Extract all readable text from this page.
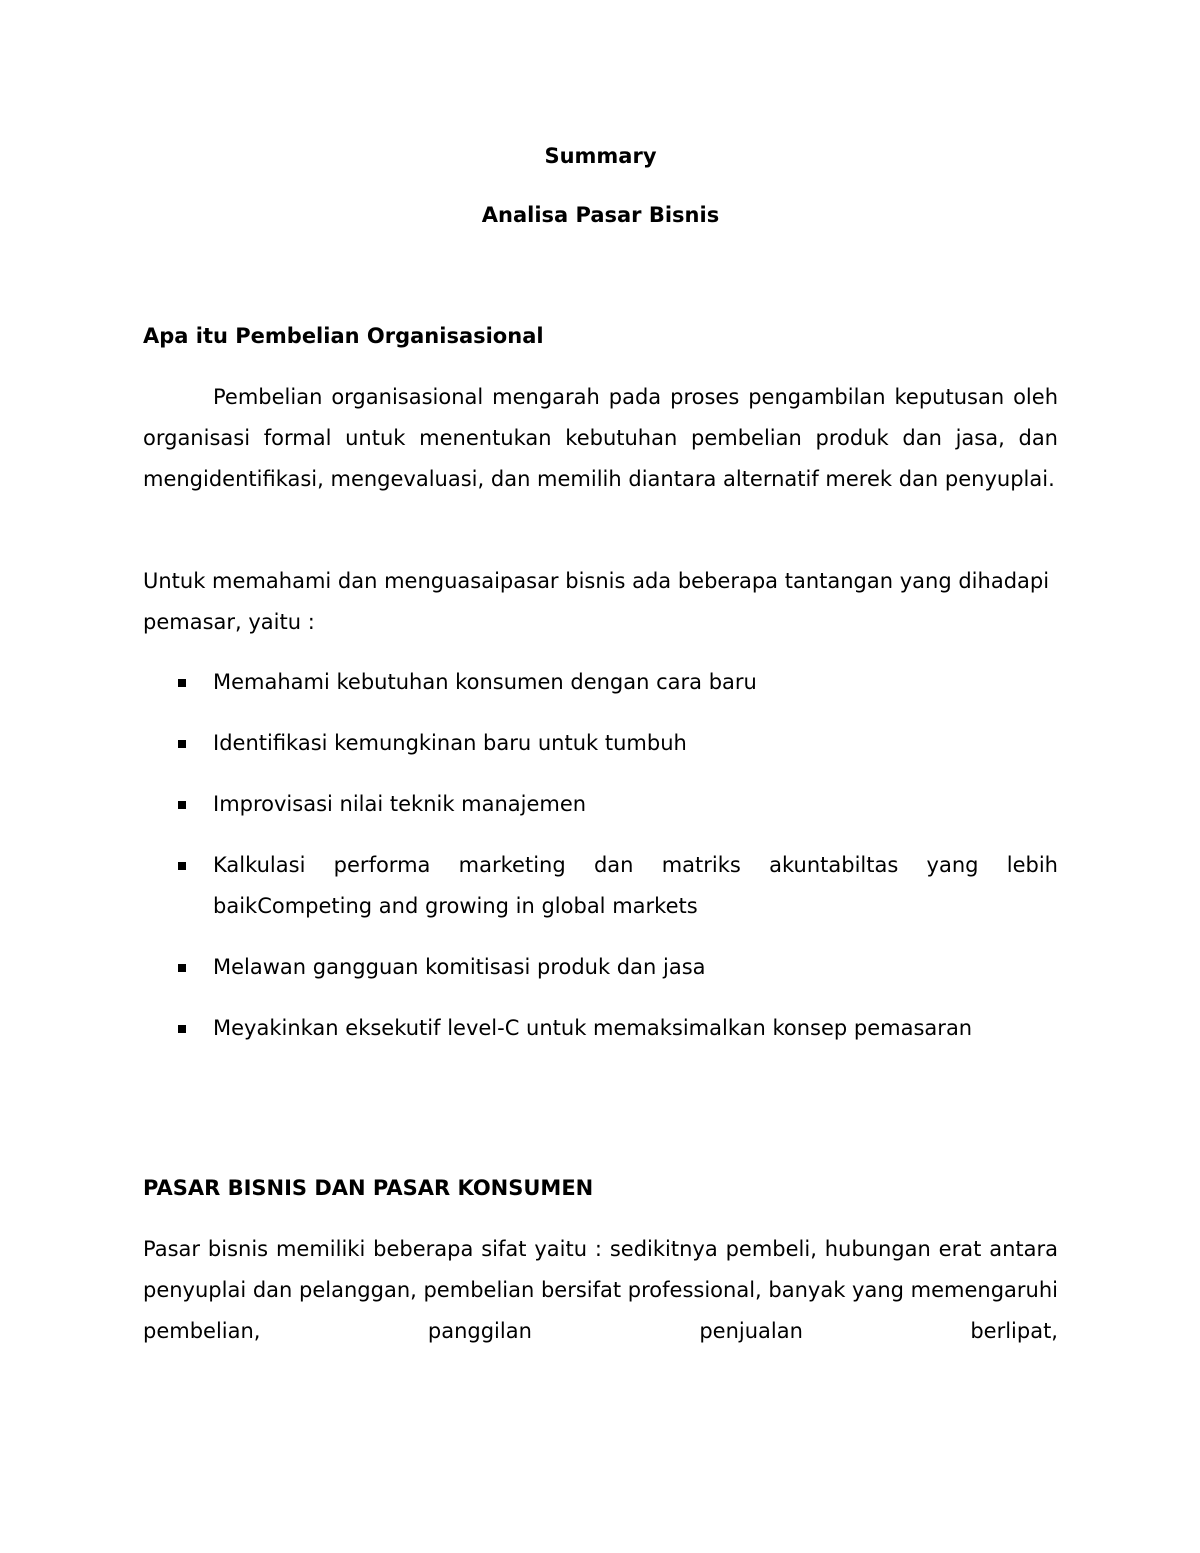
Summary

Analisa Pasar Bisnis

Apa itu Pembelian Organisasional

Pembelian organisasional mengarah pada proses pengambilan keputusan oleh organisasi formal untuk menentukan kebutuhan pembelian produk dan jasa, dan mengidentifikasi, mengevaluasi, dan memilih diantara alternatif merek dan penyuplai.

Untuk memahami dan menguasaipasar bisnis ada beberapa tantangan yang dihadapi pemasar, yaitu :

Memahami kebutuhan konsumen dengan cara baru
Identifikasi kemungkinan baru untuk tumbuh
Improvisasi nilai teknik manajemen
Kalkulasi performa marketing dan matriks akuntabiltas yang lebih baikCompeting and growing in global markets
Melawan gangguan komitisasi produk dan jasa
Meyakinkan eksekutif level-C untuk memaksimalkan konsep pemasaran

PASAR BISNIS DAN PASAR KONSUMEN

Pasar bisnis memiliki beberapa sifat yaitu : sedikitnya pembeli, hubungan erat antara penyuplai dan pelanggan, pembelian bersifat professional, banyak yang memengaruhi pembelian, panggilan penjualan berlipat,
